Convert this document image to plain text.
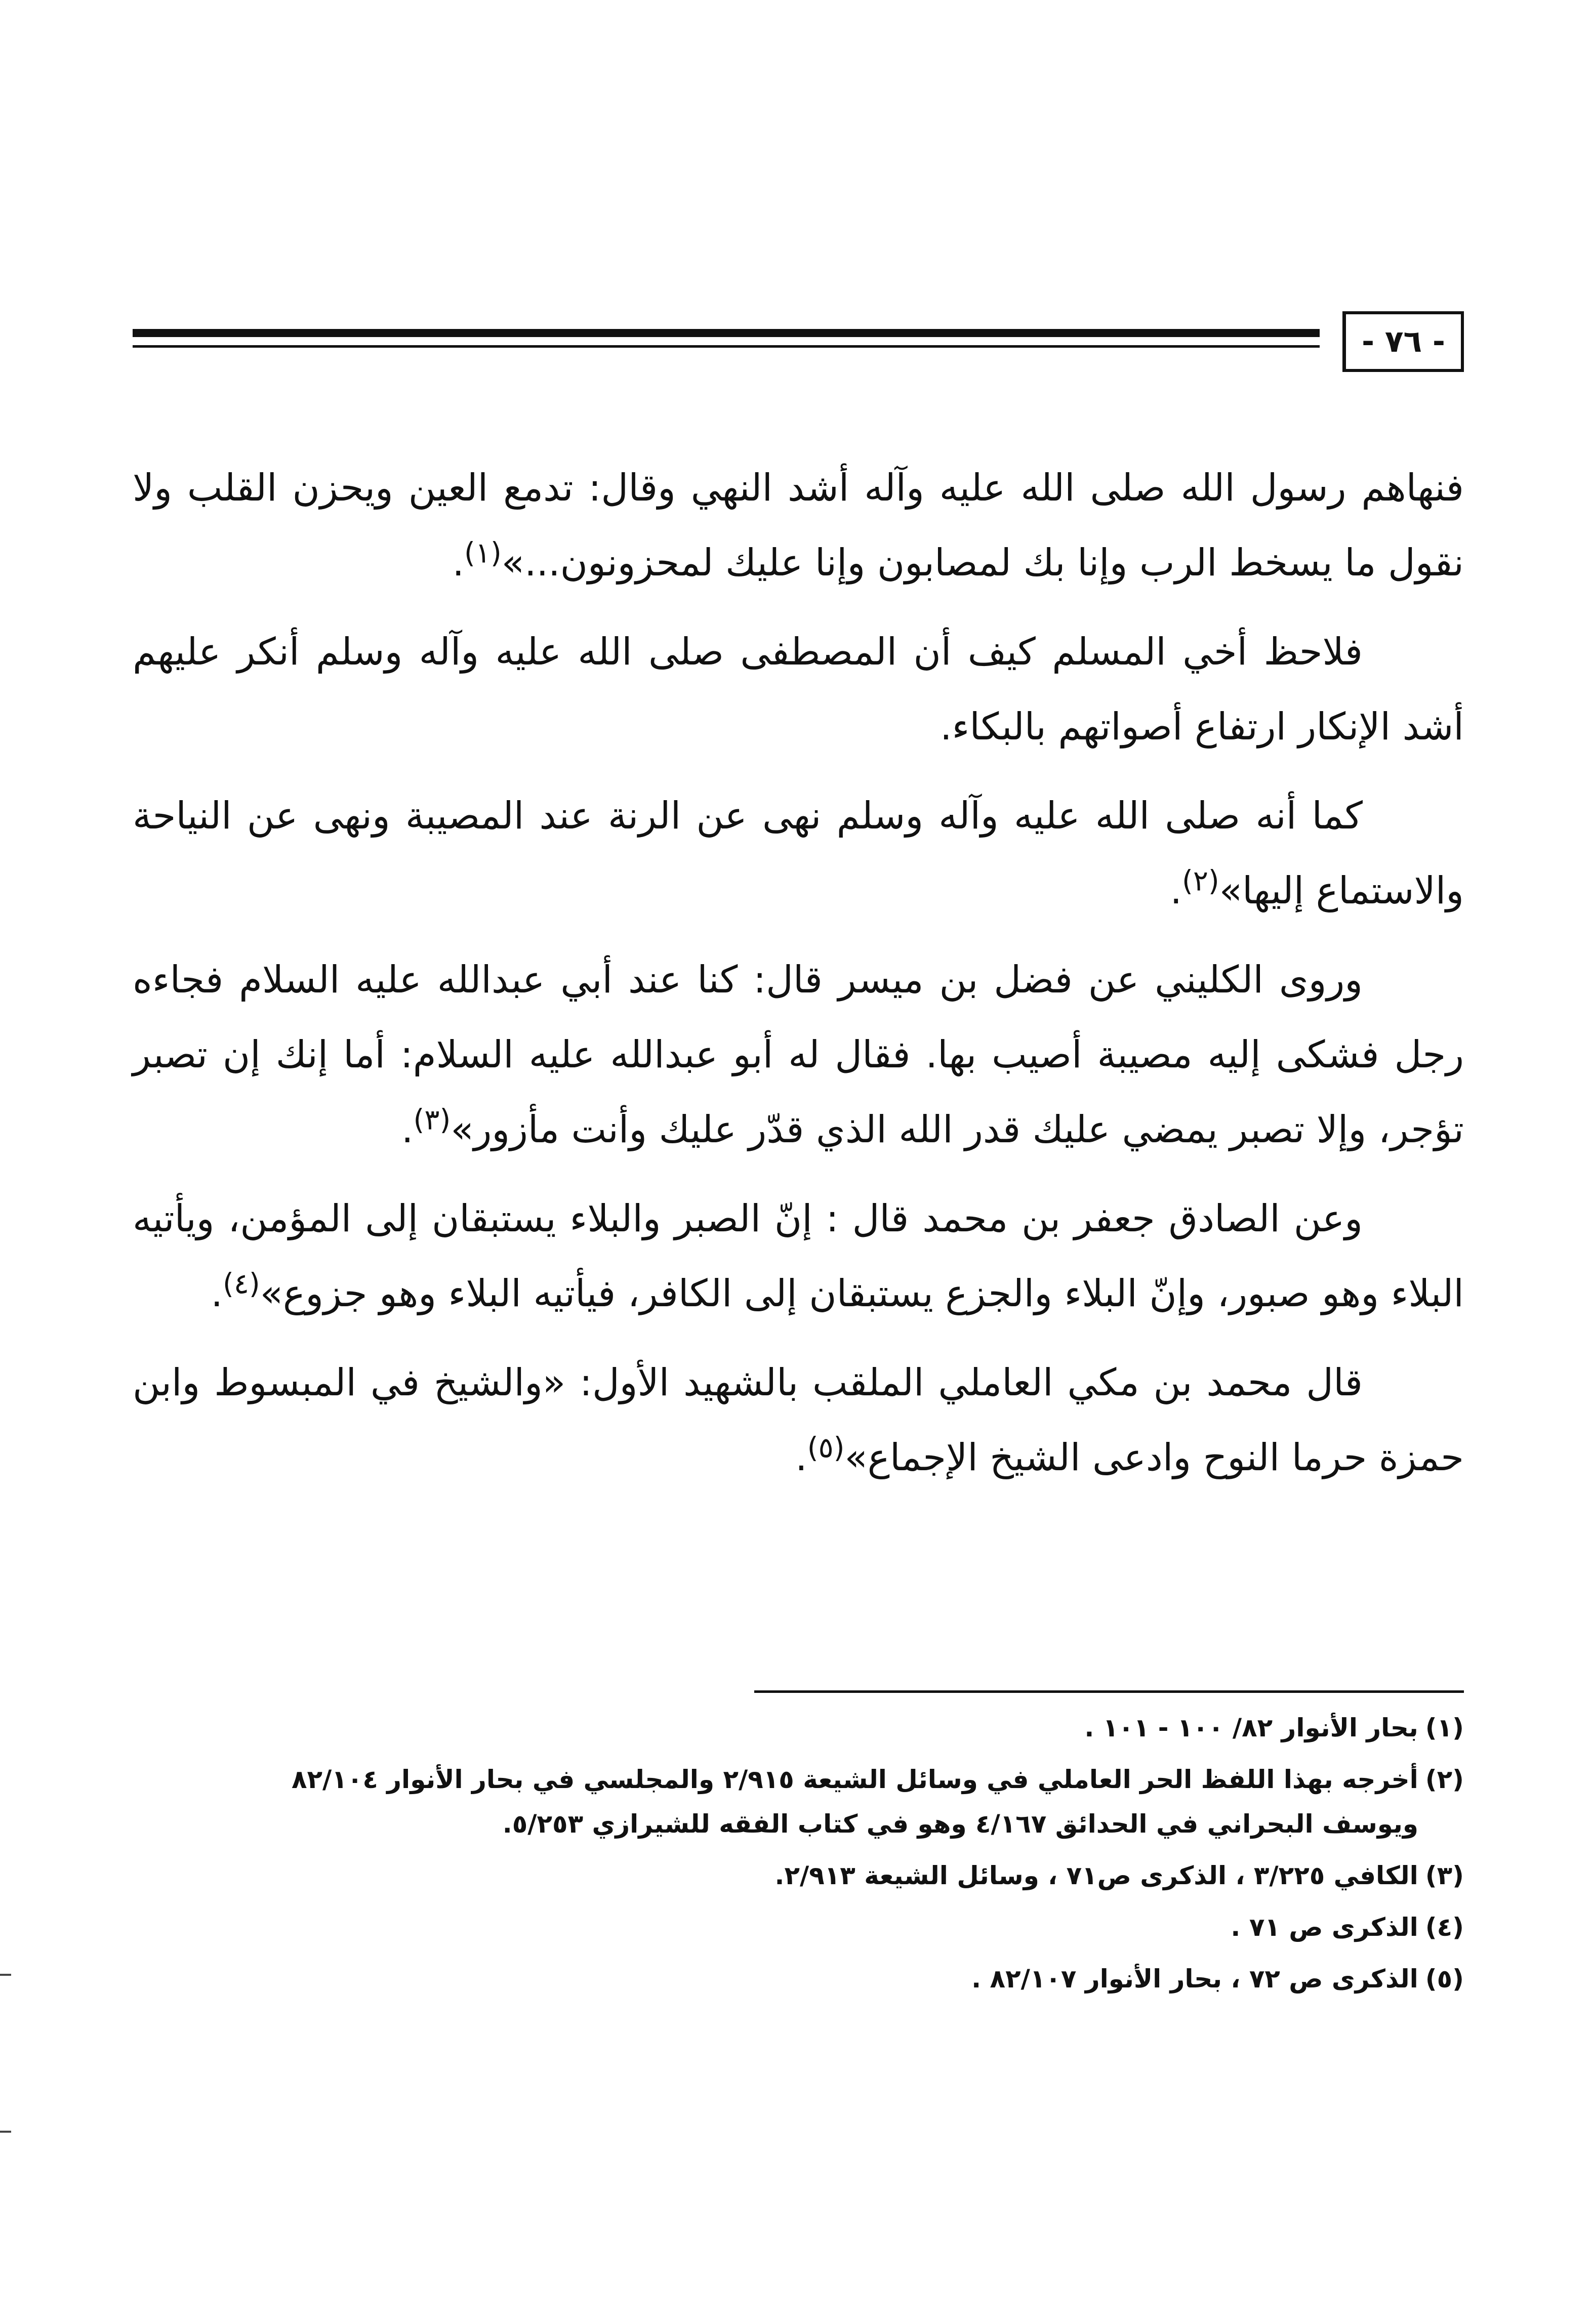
- ٧٦ -

فنهاهم رسول الله صلى الله عليه وآله أشد النهي وقال: تدمع العين ويحزن القلب ولا نقول ما يسخط الرب وإنا بك لمصابون وإنا عليك لمحزونون...»$^{(١)}$.

فلاحظ أخي المسلم كيف أن المصطفى صلى الله عليه وآله وسلم أنكر عليهم أشد الإنكار ارتفاع أصواتهم بالبكاء.

كما أنه صلى الله عليه وآله وسلم نهى عن الرنة عند المصيبة ونهى عن النياحة والاستماع إليها»$^{(٢)}$.

وروى الكليني عن فضل بن ميسر قال: كنا عند أبي عبدالله عليه السلام فجاءه رجل فشكى إليه مصيبة أصيب بها. فقال له أبو عبدالله عليه السلام: أما إنك إن تصبر تؤجر، وإلا تصبر يمضي عليك قدر الله الذي قدّر عليك وأنت مأزور»$^{(٣)}$.

وعن الصادق جعفر بن محمد قال : إنّ الصبر والبلاء يستبقان إلى المؤمن، ويأتيه البلاء وهو صبور، وإنّ البلاء والجزع يستبقان إلى الكافر، فيأتيه البلاء وهو جزوع»$^{(٤)}$.

قال محمد بن مكي العاملي الملقب بالشهيد الأول: «والشيخ في المبسوط وابن حمزة حرما النوح وادعى الشيخ الإجماع»$^{(٥)}$.

(١)بحار الأنوار ٨٢/ ١٠٠ - ١٠١ .

(٢)أخرجه بهذا اللفظ الحر العاملي في وسائل الشيعة ٢/٩١٥ والمجلسي في بحار الأنوار ٨٢/١٠٤
ويوسف البحراني في الحدائق ٤/١٦٧ وهو في كتاب الفقه للشيرازي ٥/٢٥٣.

(٣)الكافي ٣/٢٢٥ ، الذكرى ص٧١ ، وسائل الشيعة ٢/٩١٣.

(٤)الذكرى ص ٧١ .

(٥)الذكرى ص ٧٢ ، بحار الأنوار ٨٢/١٠٧ .
